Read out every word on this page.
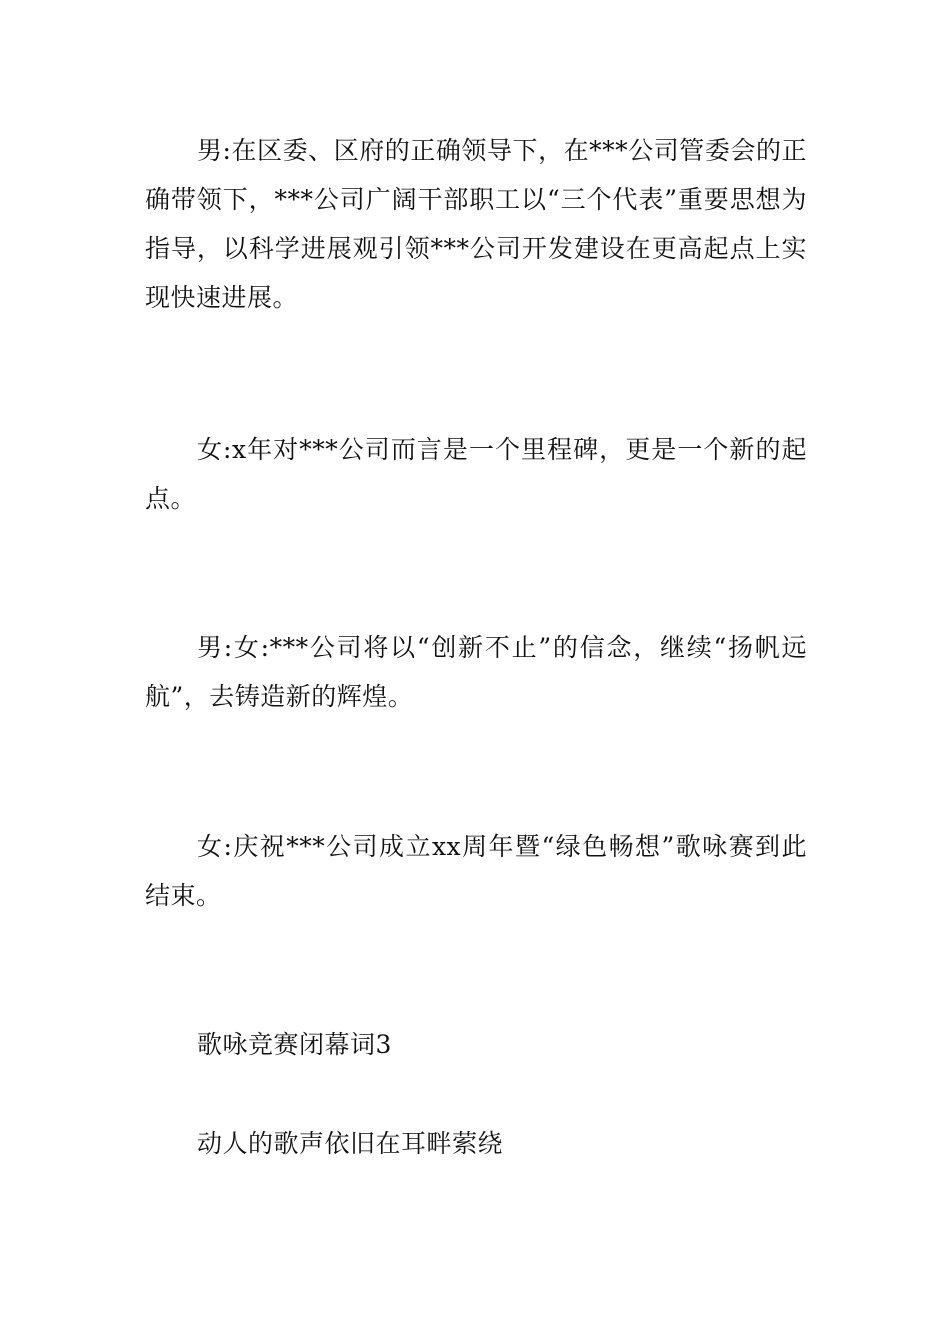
男:在区委、区府的正确领导下，在***公司管委会的正确带领下，***公司广阔干部职工以“三个代表”重要思想为指导，以科学进展观引领***公司开发建设在更高起点上实现快速进展。

女:x年对***公司而言是一个里程碑，更是一个新的起点。

男:女:***公司将以“创新不止”的信念，继续“扬帆远航”，去铸造新的辉煌。

女:庆祝***公司成立xx周年暨“绿色畅想”歌咏赛到此结束。

歌咏竞赛闭幕词3

动人的歌声依旧在耳畔萦绕
